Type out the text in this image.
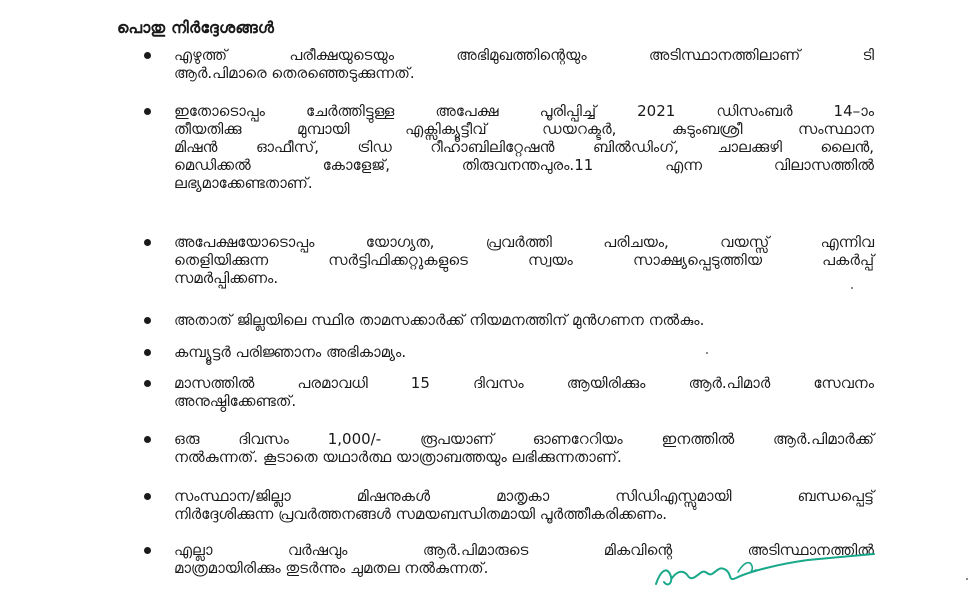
പൊതു നിർദ്ദേശങ്ങൾ
എഴുത്ത് പരീക്ഷയുടെയും അഭിമുഖത്തിന്റെയും അടിസ്ഥാനത്തിലാണ് ടി
ആർ.പിമാരെ തെരഞ്ഞെടുക്കുന്നത്.
ഇതോടൊപ്പം ചേർത്തിട്ടുള്ള അപേക്ഷ പൂരിപ്പിച്ച് 2021 ഡിസംബർ 14–ാം
തീയതിക്കു മുമ്പായി എക്സിക്യൂട്ടീവ് ഡയറക്ടർ, കുടുംബശ്രീ സംസ്ഥാന
മിഷൻ ഓഫീസ്, ട്രിഡ റീഹാബിലിറ്റേഷൻ ബിൽഡിംഗ്, ചാലക്കുഴി ലൈൻ,
മെഡിക്കൽ കോളേജ്, തിരുവനന്തപുരം.11 എന്ന വിലാസത്തിൽ
ലഭ്യമാക്കേണ്ടതാണ്.
അപേക്ഷയോടൊപ്പം യോഗ്യത, പ്രവർത്തി പരിചയം, വയസ്സ് എന്നിവ
തെളിയിക്കുന്ന സർട്ടിഫിക്കറ്റുകളുടെ സ്വയം സാക്ഷ്യപ്പെടുത്തിയ പകർപ്പ്
സമർപ്പിക്കണം.
അതാത് ജില്ലയിലെ സ്ഥിര താമസക്കാർക്ക് നിയമനത്തിന് മുൻഗണന നൽകും.
കമ്പ്യൂട്ടർ പരിജ്ഞാനം അഭികാമ്യം.
മാസത്തിൽ പരമാവധി 15 ദിവസം ആയിരിക്കും ആർ.പിമാർ സേവനം
അനുഷ്ഠിക്കേണ്ടത്.
ഒരു ദിവസം 1,000/- രൂപയാണ് ഓണറേറിയം ഇനത്തിൽ ആർ.പിമാർക്ക്
നൽകുന്നത്. കൂടാതെ യഥാർത്ഥ യാത്രാബത്തയും ലഭിക്കുന്നതാണ്.
സംസ്ഥാന/ജില്ലാ മിഷനുകൾ മാതൃകാ സിഡിഎസ്സുമായി ബന്ധപ്പെട്ട്
നിർദ്ദേശിക്കുന്ന പ്രവർത്തനങ്ങൾ സമയബന്ധിതമായി പൂർത്തീകരിക്കണം.
എല്ലാ വർഷവും ആർ.പിമാരുടെ മികവിന്റെ അടിസ്ഥാനത്തിൽ
മാത്രമായിരിക്കും തുടർന്നും ചുമതല നൽകുന്നത്.
